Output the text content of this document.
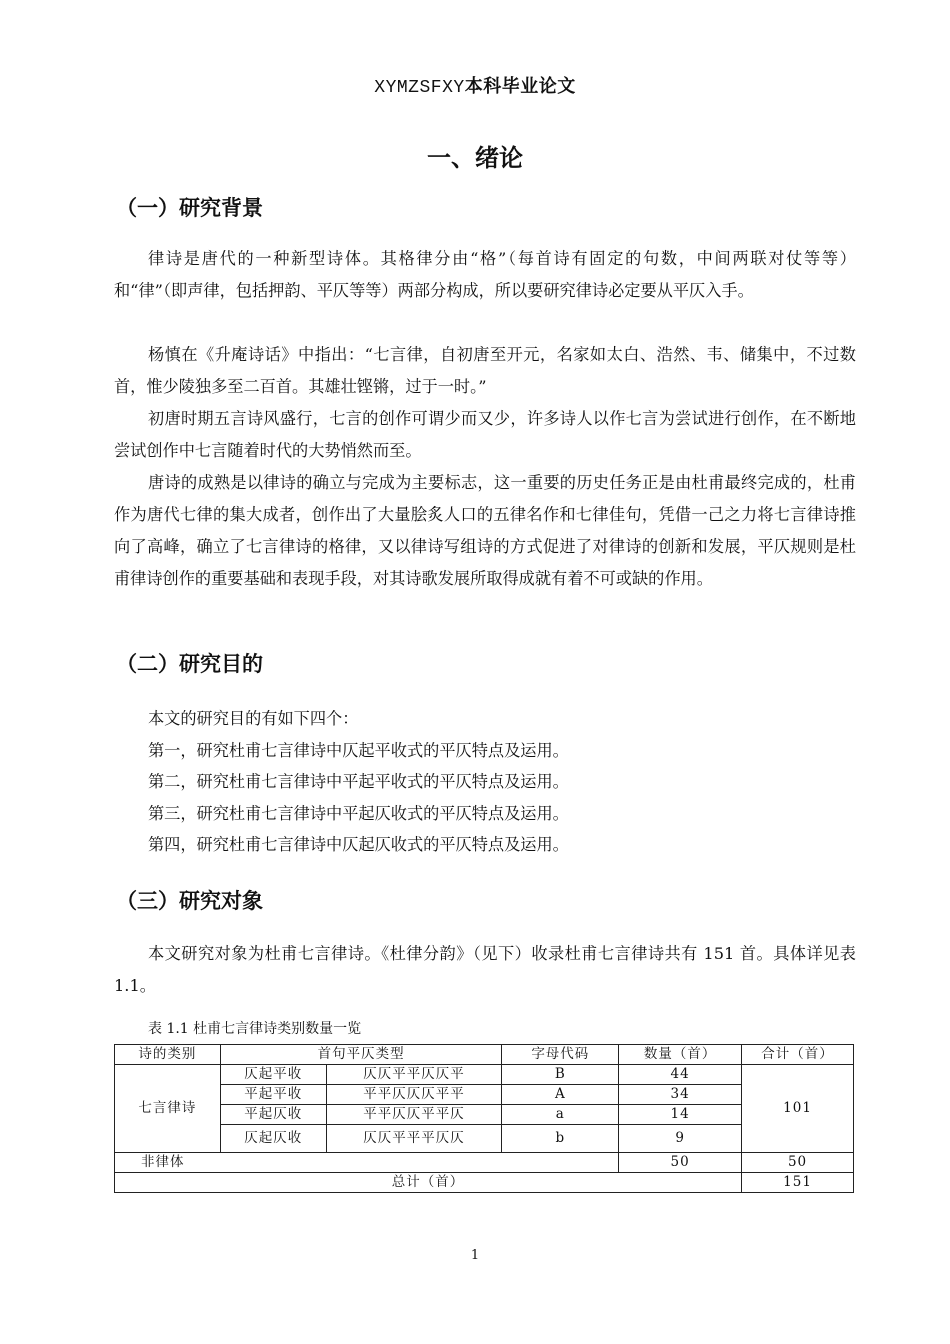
XYMZSFXY本科毕业论文
一、绪论
（一）研究背景
律诗是唐代的一种新型诗体。其格律分由“格”（每首诗有固定的句数，中间两联对仗等等）和“律”（即声律，包括押韵、平仄等等）两部分构成，所以要研究律诗必定要从平仄入手。
杨慎在《升庵诗话》中指出：“七言律，自初唐至开元，名家如太白、浩然、韦、储集中，不过数首，惟少陵独多至二百首。其雄壮铿锵，过于一时。”
初唐时期五言诗风盛行，七言的创作可谓少而又少，许多诗人以作七言为尝试进行创作，在不断地尝试创作中七言随着时代的大势悄然而至。
唐诗的成熟是以律诗的确立与完成为主要标志，这一重要的历史任务正是由杜甫最终完成的，杜甫作为唐代七律的集大成者，创作出了大量脍炙人口的五律名作和七律佳句，凭借一己之力将七言律诗推向了高峰，确立了七言律诗的格律，又以律诗写组诗的方式促进了对律诗的创新和发展，平仄规则是杜甫律诗创作的重要基础和表现手段，对其诗歌发展所取得成就有着不可或缺的作用。
（二）研究目的
本文的研究目的有如下四个：
第一，研究杜甫七言律诗中仄起平收式的平仄特点及运用。
第二，研究杜甫七言律诗中平起平收式的平仄特点及运用。
第三，研究杜甫七言律诗中平起仄收式的平仄特点及运用。
第四，研究杜甫七言律诗中仄起仄收式的平仄特点及运用。
（三）研究对象
本文研究对象为杜甫七言律诗。《杜律分韵》（见下）收录杜甫七言律诗共有 151 首。具体详见表 1.1。
表 1.1 杜甫七言律诗类别数量一览
诗的类别	首句平仄类型		字母代码	数量（首）	合计（首）
七言律诗	仄起平收	仄仄平平仄仄平	B	44	101
	平起平收	平平仄仄仄平平	A	34	
	平起仄收	平平仄仄平平仄	a	14	
	仄起仄收	仄仄平平平仄仄	b	9	
非律体				50	50
总计（首）					151
1
